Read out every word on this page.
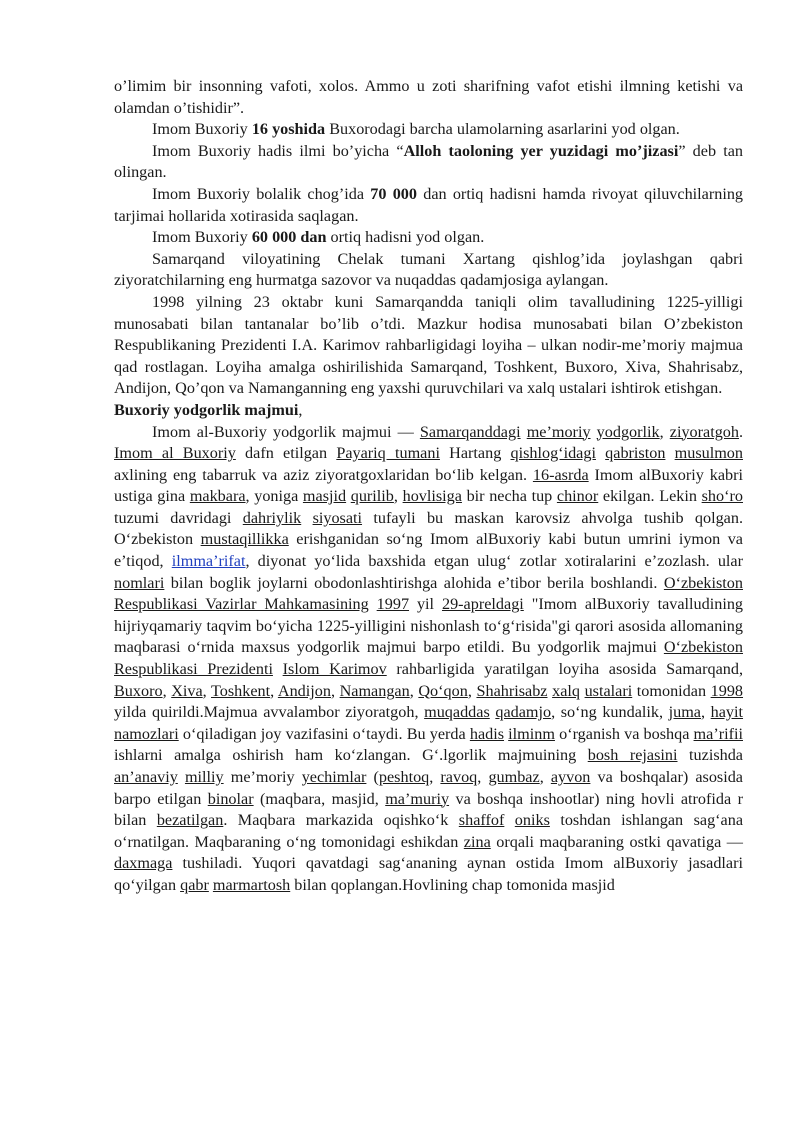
o’limim bir insonning vafoti, xolos. Ammo u zoti sharifning vafot etishi ilmning ketishi va olamdan o’tishidir”.

Imom Buxoriy 16 yoshida Buxorodagi barcha ulamolarning asarlarini yod olgan.

Imom Buxoriy hadis ilmi bo’yicha “Alloh taoloning yer yuzidagi mo’jizasi” deb tan olingan.

Imom Buxoriy bolalik chog’ida 70 000 dan ortiq hadisni hamda rivoyat qiluvchilarning tarjimai hollarida xotirasida saqlagan.

Imom Buxoriy 60 000 dan ortiq hadisni yod olgan.

Samarqand viloyatining Chelak tumani Xartang qishlog’ida joylashgan qabri ziyoratchilarning eng hurmatga sazovor va nuqaddas qadamjosiga aylangan.

1998 yilning 23 oktabr kuni Samarqandda taniqli olim tavalludining 1225-yilligi munosabati bilan tantanalar bo’lib o’tdi. Mazkur hodisa munosabati bilan O’zbekiston Respublikaning Prezidenti I.A. Karimov rahbarligidagi loyiha – ulkan nodir-me’moriy majmua qad rostlagan. Loyiha amalga oshirilishida Samarqand, Toshkent, Buxoro, Xiva, Shahrisabz, Andijon, Qo’qon va Namanganning eng yaxshi quruvchilari va xalq ustalari ishtirok etishgan.

Buxoriy yodgorlik majmui,

Imom al-Buxoriy yodgorlik majmui — Samarqanddagi me’moriy yodgorlik, ziyoratgoh. Imom al Buxoriy dafn etilgan Payariq tumani Hartang qishlog‘idagi qabriston musulmon axlining eng tabarruk va aziz ziyoratgoxlaridan bo‘lib kelgan. 16-asrda Imom alBuxoriy kabri ustiga gina makbara, yoniga masjid qurilib, hovlisiga bir necha tup chinor ekilgan. Lekin sho‘ro tuzumi davridagi dahriylik siyosati tufayli bu maskan karovsiz ahvolga tushib qolgan. O‘zbekiston mustaqillikka erishganidan so‘ng Imom alBuxoriy kabi butun umrini iymon va e’tiqod, ilmma’rifat, diyonat yo‘lida baxshida etgan ulug‘ zotlar xotiralarini e’zozlash. ular nomlari bilan boglik joylarni obodonlashtirishga alohida e’tibor berila boshlandi. O‘zbekiston Respublikasi Vazirlar Mahkamasining 1997 yil 29-apreldagi "Imom alBuxoriy tavalludining hijriyqamariy taqvim bo‘yicha 1225-yilligini nishonlash to‘g‘risida"gi qarori asosida allomaning maqbarasi o‘rnida maxsus yodgorlik majmui barpo etildi. Bu yodgorlik majmui O‘zbekiston Respublikasi Prezidenti Islom Karimov rahbarligida yaratilgan loyiha asosida Samarqand, Buxoro, Xiva, Toshkent, Andijon, Namangan, Qo‘qon, Shahrisabz xalq ustalari tomonidan 1998 yilda quirildi.Majmua avvalambor ziyoratgoh, muqaddas qadamjo, so‘ng kundalik, juma, hayit namozlari o‘qiladigan joy vazifasini o‘taydi. Bu yerda hadis ilminm o‘rganish va boshqa ma’rifii ishlarni amalga oshirish ham ko‘zlangan. G‘.lgorlik majmuining bosh rejasini tuzishda an’anaviy milliy me’moriy yechimlar (peshtoq, ravoq, gumbaz, ayvon va boshqalar) asosida barpo etilgan binolar (maqbara, masjid, ma’muriy va boshqa inshootlar) ning hovli atrofida r bilan bezatilgan. Maqbara markazida oqishko‘k shaffof oniks toshdan ishlangan sag‘ana o‘rnatilgan. Maqbaraning o‘ng tomonidagi eshikdan zina orqali maqbaraning ostki qavatiga — daxmaga tushiladi. Yuqori qavatdagi sag‘ananing aynan ostida Imom alBuxoriy jasadlari qo‘yilgan qabr marmartosh bilan qoplangan.Hovlining chap tomonida masjid
